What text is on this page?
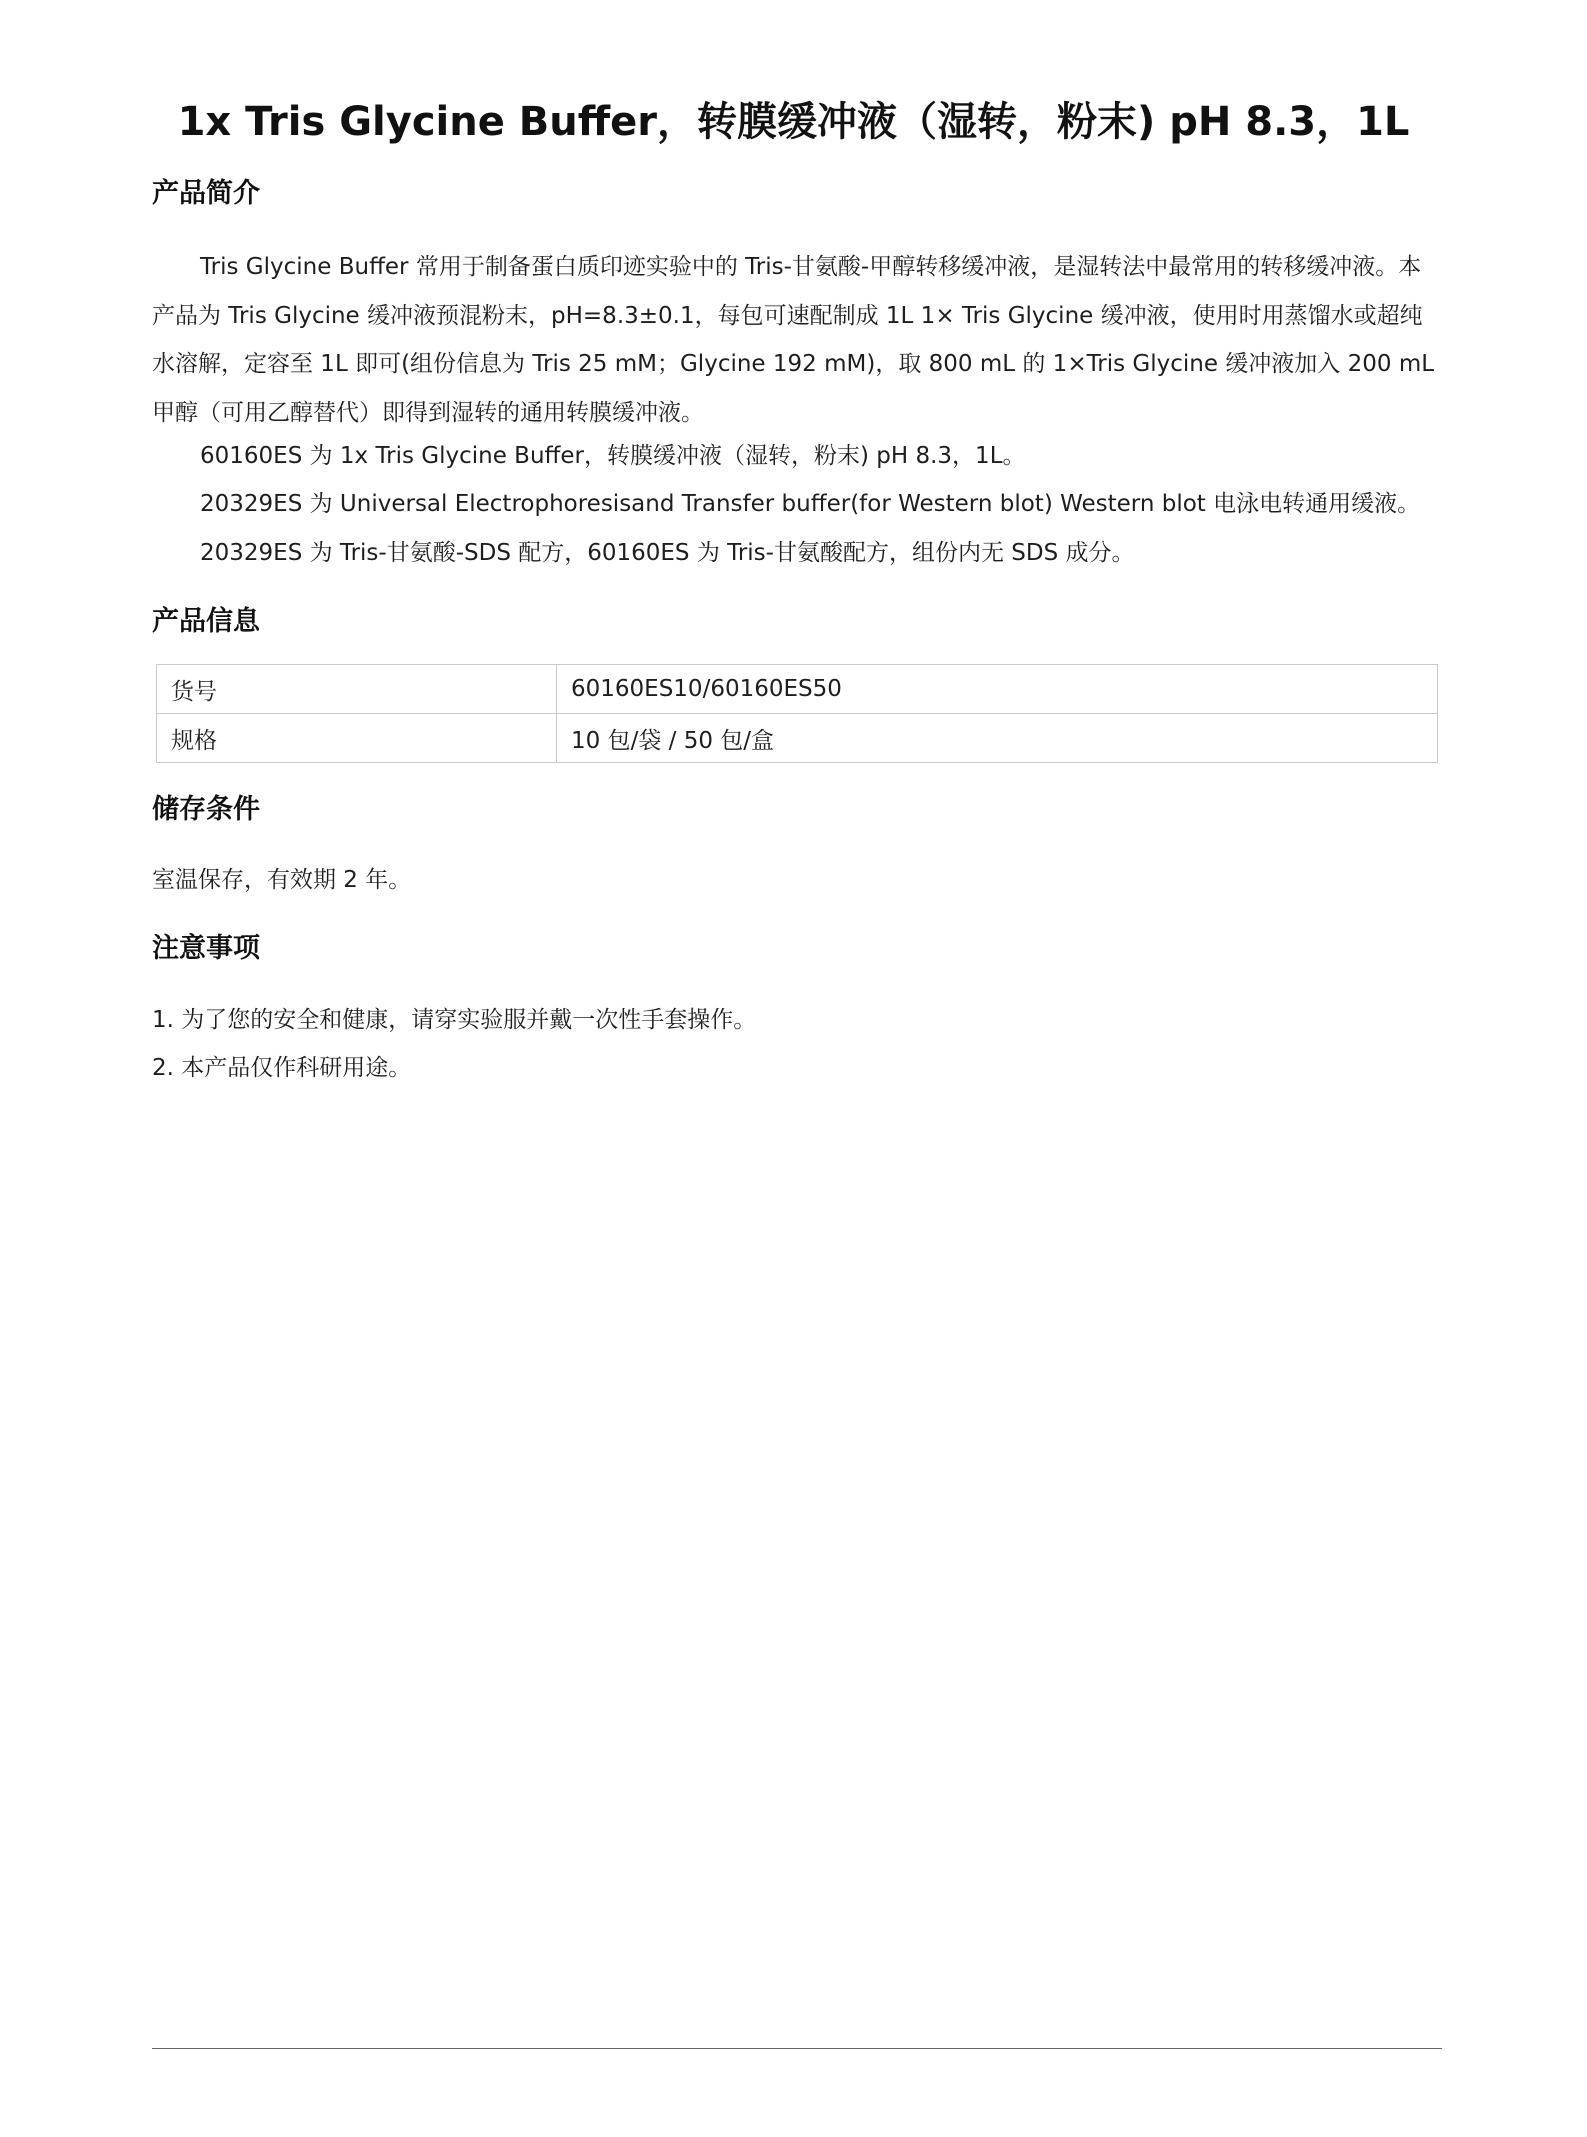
1x Tris Glycine Buffer，转膜缓冲液（湿转，粉末) pH 8.3，1L
产品简介
Tris Glycine Buffer 常用于制备蛋白质印迹实验中的 Tris-甘氨酸-甲醇转移缓冲液，是湿转法中最常用的转移缓冲液。本产品为 Tris Glycine 缓冲液预混粉末，pH=8.3±0.1，每包可速配制成 1L 1× Tris Glycine 缓冲液，使用时用蒸馏水或超纯水溶解，定容至 1L 即可(组份信息为 Tris 25 mM；Glycine 192 mM)，取 800 mL 的 1×Tris Glycine 缓冲液加入 200 mL 甲醇（可用乙醇替代）即得到湿转的通用转膜缓冲液。
60160ES 为 1x Tris Glycine Buffer，转膜缓冲液（湿转，粉末) pH 8.3，1L。
20329ES 为 Universal Electrophoresisand Transfer buffer(for Western blot) Western blot 电泳电转通用缓液。
20329ES 为 Tris-甘氨酸-SDS 配方，60160ES 为 Tris-甘氨酸配方，组份内无 SDS 成分。
产品信息
货号	60160ES10/60160ES50
规格	10 包/袋 / 50 包/盒
储存条件
室温保存，有效期 2 年。
注意事项
1. 为了您的安全和健康，请穿实验服并戴一次性手套操作。
2. 本产品仅作科研用途。
